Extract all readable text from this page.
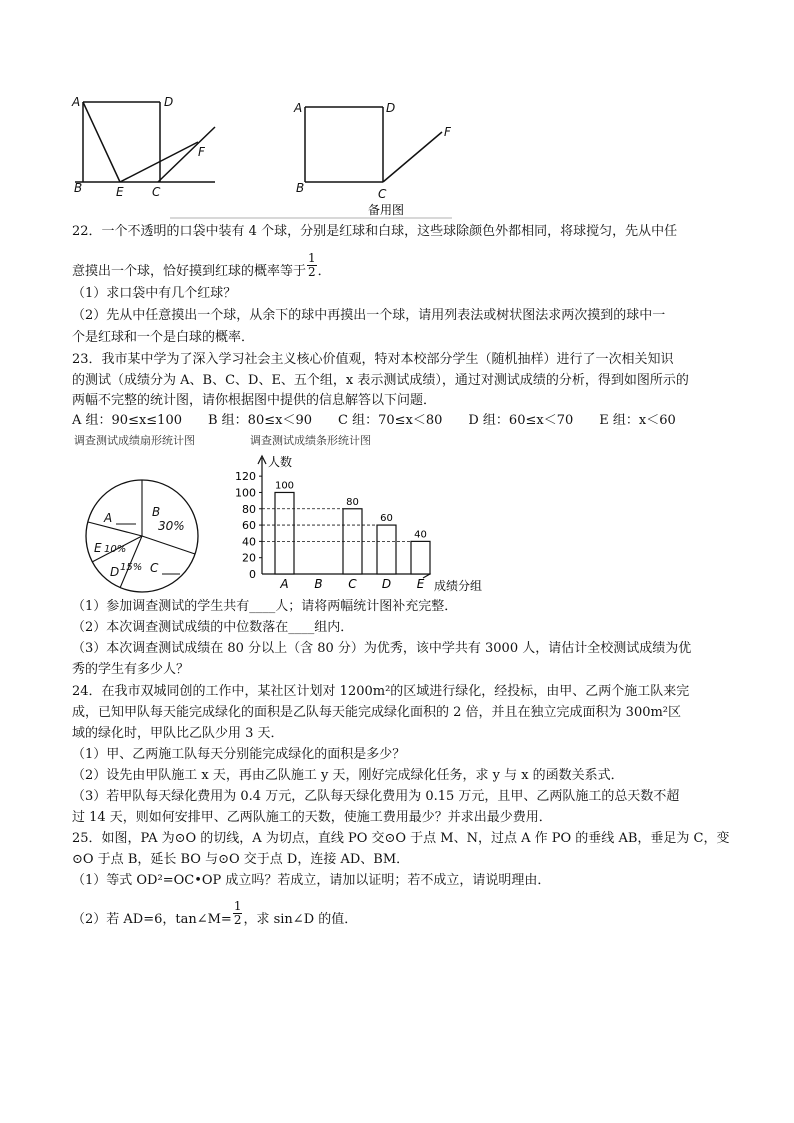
A	D
B	E C
F
A	D
B	C
F
备用图
22．一个不透明的口袋中装有 4 个球，分别是红球和白球，这些球除颜色外都相同，将球搅匀，先从中任
意摸出一个球，恰好摸到红球的概率等于 $\frac{1}{2}$ ．
（1）求口袋中有几个红球？
（2）先从中任意摸出一个球，从余下的球中再摸出一个球，请用列表法或树状图法求两次摸到的球中一
个是红球和一个是白球的概率．
23．我市某中学为了深入学习社会主义核心价值观，特对本校部分学生（随机抽样）进行了一次相关知识
的测试（成绩分为 A、B、C、D、E、五个组，x 表示测试成绩），通过对测试成绩的分析，得到如图所示的
两幅不完整的统计图，请你根据图中提供的信息解答以下问题．
A 组：90≤x≤100　　B 组：80≤x＜90　　C 组：70≤x＜80　　D 组：60≤x＜70　　E 组：x＜60
调查测试成绩扇形统计图	调查测试成绩条形统计图
A	B
30%
E 10%
D 15% C
人数
成绩分组
0
20
40
60
80
100
120
A
100
B C
80
D
60
E
40
（1）参加调查测试的学生共有____人；请将两幅统计图补充完整．
（2）本次调查测试成绩的中位数落在____组内．
（3）本次调查测试成绩在 80 分以上（含 80 分）为优秀，该中学共有 3000 人，请估计全校测试成绩为优
秀的学生有多少人？
24．在我市双城同创的工作中，某社区计划对 1200m²的区域进行绿化，经投标，由甲、乙两个施工队来完
成，已知甲队每天能完成绿化的面积是乙队每天能完成绿化面积的 2 倍，并且在独立完成面积为 300m²区
域的绿化时，甲队比乙队少用 3 天．
（1）甲、乙两施工队每天分别能完成绿化的面积是多少？
（2）设先由甲队施工 x 天，再由乙队施工 y 天，刚好完成绿化任务，求 y 与 x 的函数关系式．
（3）若甲队每天绿化费用为 0.4 万元，乙队每天绿化费用为 0.15 万元，且甲、乙两队施工的总天数不超
过 14 天，则如何安排甲、乙两队施工的天数，使施工费用最少？并求出最少费用．
25．如图，PA 为⊙O 的切线，A 为切点，直线 PO 交⊙O 于点 M、N，过点 A 作 PO 的垂线 AB，垂足为 C，变
⊙O 于点 B，延长 BO 与⊙O 交于点 D，连接 AD、BM．
（1）等式 OD²=OC•OP 成立吗？若成立，请加以证明；若不成立，请说明理由．
（2）若 AD=6，tan∠M= $\frac{1}{2}$ ，求 sin∠D 的值．
